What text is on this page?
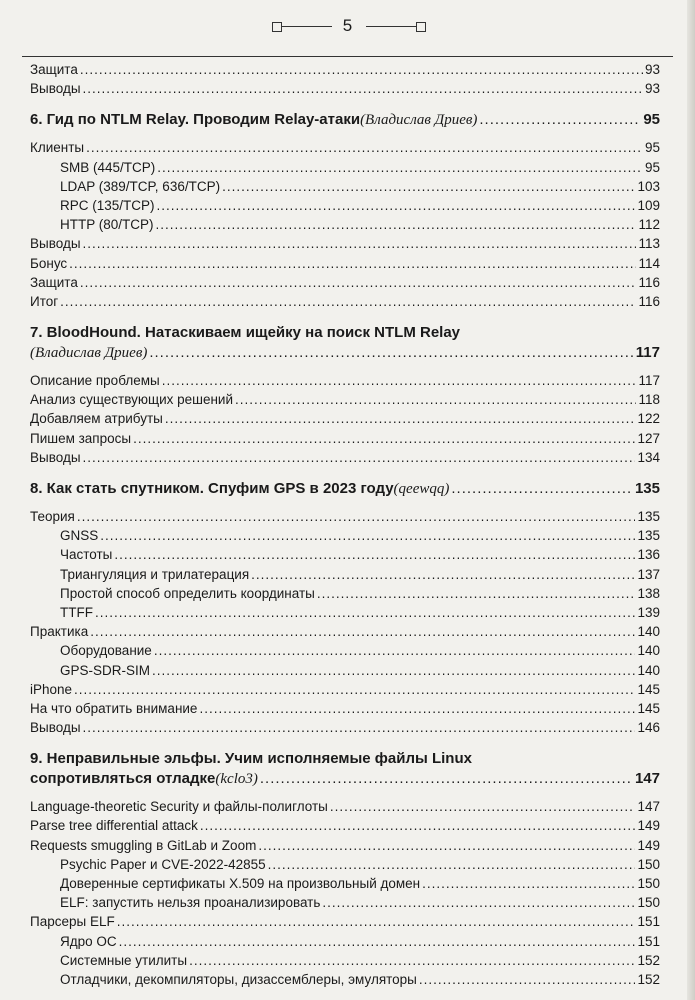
5
Защита .....	93
Выводы .....	93
6. Гид по NTLM Relay. Проводим Relay-атаки (Владислав Дриев) .....	95
Клиенты .....	95
SMB (445/TCP) .....	95
LDAP (389/TCP, 636/TCP) .....	103
RPC (135/TCP) .....	109
HTTP (80/TCP) .....	112
Выводы .....	113
Бонус .....	114
Защита .....	116
Итог .....	116
7. BloodHound. Натаскиваем ищейку на поиск NTLM Relay
(Владислав Дриев) .....	117
Описание проблемы .....	117
Анализ существующих решений .....	118
Добавляем атрибуты .....	122
Пишем запросы .....	127
Выводы .....	134
8. Как стать спутником. Спуфим GPS в 2023 году (qeewqq) .....	135
Теория .....	135
GNSS .....	135
Частоты .....	136
Триангуляция и трилатерация .....	137
Простой способ определить координаты .....	138
TTFF .....	139
Практика .....	140
Оборудование .....	140
GPS-SDR-SIM .....	140
iPhone .....	145
На что обратить внимание .....	145
Выводы .....	146
9. Неправильные эльфы. Учим исполняемые файлы Linux
сопротивляться отладке (kclo3) .....	147
Language-theoretic Security и файлы-полиглоты .....	147
Parse tree differential attack .....	149
Requests smuggling в GitLab и Zoom .....	149
Psychic Paper и CVE-2022-42855 .....	150
Доверенные сертификаты X.509 на произвольный домен .....	150
ELF: запустить нельзя проанализировать .....	150
Парсеры ELF .....	151
Ядро ОС .....	151
Системные утилиты .....	152
Отладчики, декомпиляторы, дизассемблеры, эмуляторы .....	152
